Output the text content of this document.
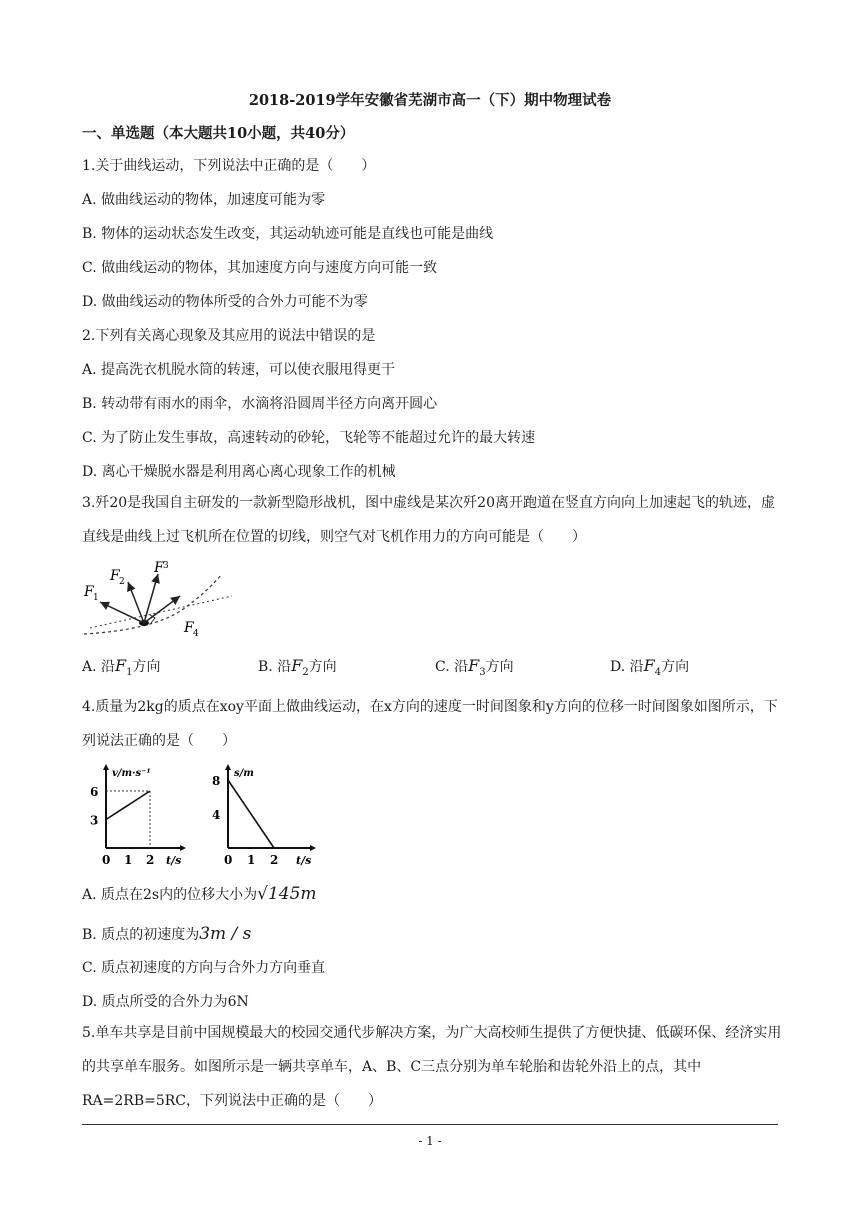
2018-2019学年安徽省芜湖市高一（下）期中物理试卷
一、单选题（本大题共10小题，共40分）
1.关于曲线运动，下列说法中正确的是（　　）
A. 做曲线运动的物体，加速度可能为零
B. 物体的运动状态发生改变，其运动轨迹可能是直线也可能是曲线
C. 做曲线运动的物体，其加速度方向与速度方向可能一致
D. 做曲线运动的物体所受的合外力可能不为零
2.下列有关离心现象及其应用的说法中错误的是
A. 提高洗衣机脱水筒的转速，可以使衣服甩得更干
B. 转动带有雨水的雨伞，水滴将沿圆周半径方向离开圆心
C. 为了防止发生事故，高速转动的砂轮，飞轮等不能超过允许的最大转速
D. 离心干燥脱水器是利用离心离心现象工作的机械
3.歼20是我国自主研发的一款新型隐形战机，图中虚线是某次歼20离开跑道在竖直方向向上加速起飞的轨迹，虚直线是曲线上过飞机所在位置的切线，则空气对飞机作用力的方向可能是（　　）
F 1
F 2
F 3
F 4
A. 沿$F_1$方向	B. 沿$F_2$方向	C. 沿$F_3$方向	D. 沿$F_4$方向
4.质量为2kg的质点在xoy平面上做曲线运动，在x方向的速度一时间图象和y方向的位移一时间图象如图所示，下列说法正确的是（　　）
v/m·s⁻¹
t/s
0 1 2
6
3
s/m
t/s
0 1 2
8
4
A. 质点在2s内的位移大小为√145m
B. 质点的初速度为3m / s
C. 质点初速度的方向与合外力方向垂直
D. 质点所受的合外力为6N
5.单车共享是目前中国规模最大的校园交通代步解决方案，为广大高校师生提供了方便快捷、低碳环保、经济实用的共享单车服务。如图所示是一辆共享单车，A、B、C三点分别为单车轮胎和齿轮外沿上的点，其中RA=2RB=5RC，下列说法中正确的是（　　）
- 1 -
